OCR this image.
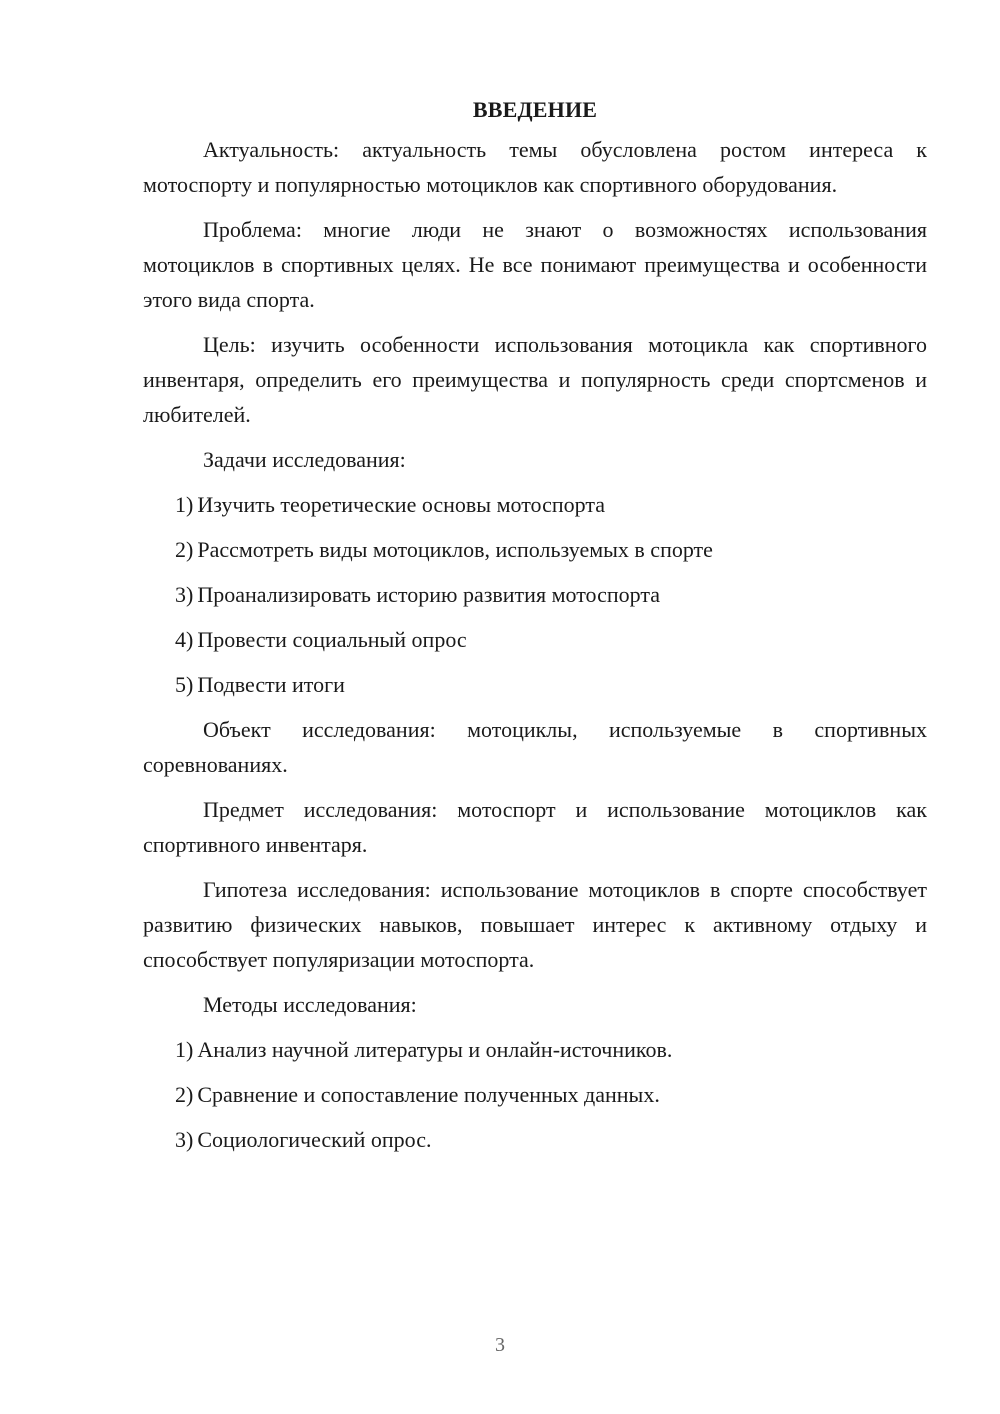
ВВЕДЕНИЕ

Актуальность: актуальность темы обусловлена ростом интереса к мотоспорту и популярностью мотоциклов как спортивного оборудования.

Проблема: многие люди не знают о возможностях использования мотоциклов в спортивных целях. Не все понимают преимущества и особенности этого вида спорта.

Цель: изучить особенности использования мотоцикла как спортивного инвентаря, определить его преимущества и популярность среди спортсменов и любителей.

Задачи исследования:

1) Изучить теоретические основы мотоспорта
2) Рассмотреть виды мотоциклов, используемых в спорте
3) Проанализировать историю развития мотоспорта
4) Провести социальный опрос
5) Подвести итоги

Объект исследования: мотоциклы, используемые в спортивных соревнованиях.

Предмет исследования: мотоспорт и использование мотоциклов как спортивного инвентаря.

Гипотеза исследования: использование мотоциклов в спорте способствует развитию физических навыков, повышает интерес к активному отдыху и способствует популяризации мотоспорта.

Методы исследования:

1) Анализ научной литературы и онлайн-источников.
2) Сравнение и сопоставление полученных данных.
3) Социологический опрос.
3
